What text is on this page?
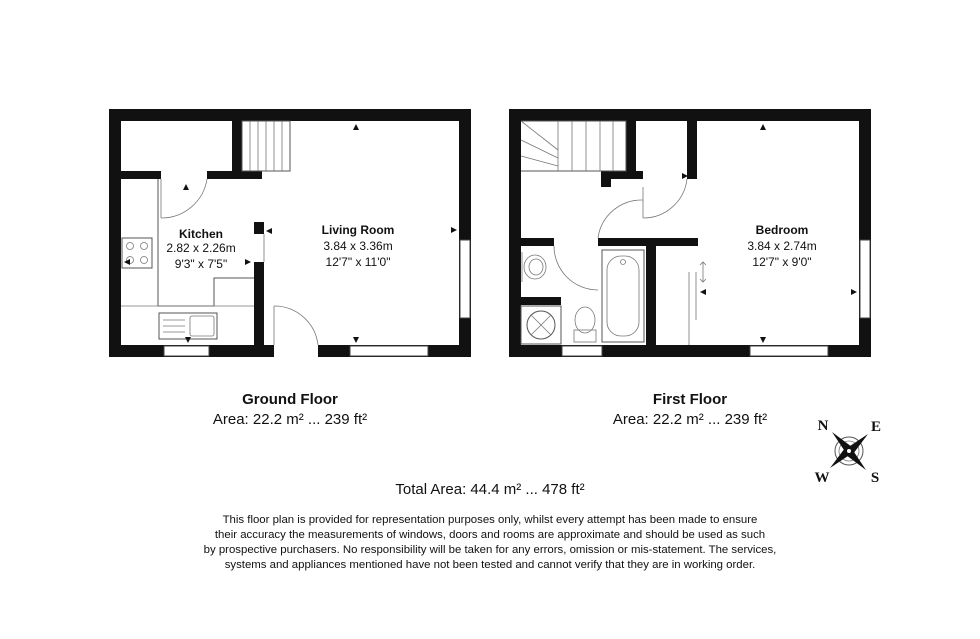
Kitchen
2.82 x 2.26m
9'3" x 7'5"
Living Room
3.84 x 3.36m
12'7" x 11'0"
Bedroom
3.84 x 2.74m
12'7" x 9'0"
Ground Floor
Area: 22.2 m² ... 239 ft²
First Floor
Area: 22.2 m² ... 239 ft²	N	E
W	S
Total Area: 44.4 m² ... 478 ft²
This floor plan is provided for representation purposes only, whilst every attempt has been made to ensure
their accuracy the measurements of windows, doors and rooms are approximate and should be used as such
by prospective purchasers. No responsibility will be taken for any errors, omission or mis-statement. The services,
systems and appliances mentioned have not been tested and cannot verify that they are in working order.
